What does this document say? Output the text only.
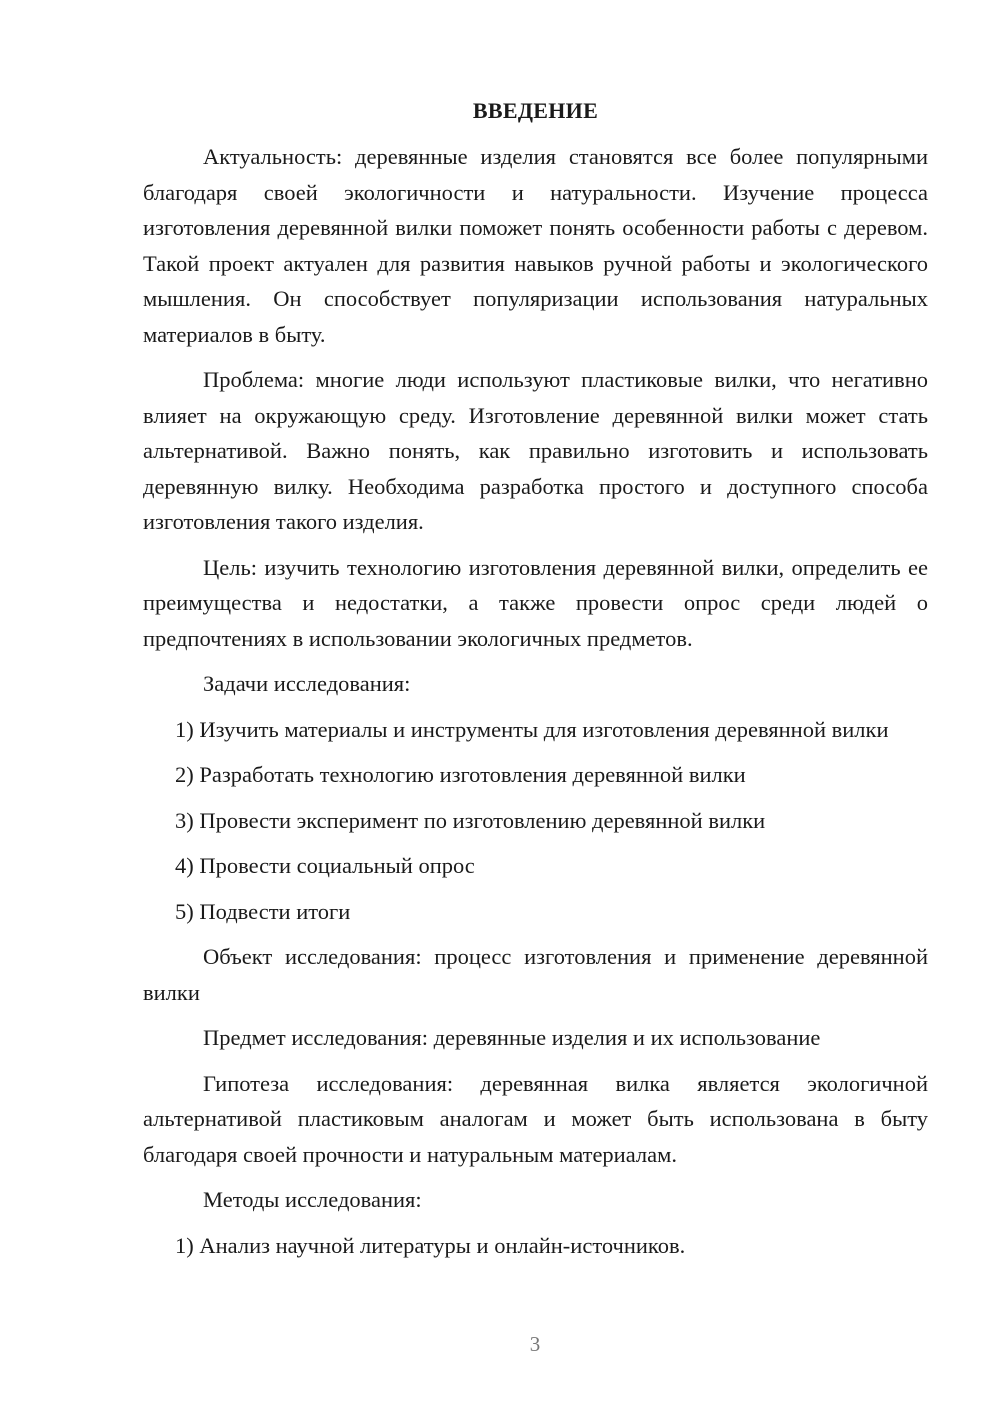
ВВЕДЕНИЕ

Актуальность: деревянные изделия становятся все более популярными благодаря своей экологичности и натуральности. Изучение процесса изготовления деревянной вилки поможет понять особенности работы с деревом. Такой проект актуален для развития навыков ручной работы и экологического мышления. Он способствует популяризации использования натуральных материалов в быту.

Проблема: многие люди используют пластиковые вилки, что негативно влияет на окружающую среду. Изготовление деревянной вилки может стать альтернативой. Важно понять, как правильно изготовить и использовать деревянную вилку. Необходима разработка простого и доступного способа изготовления такого изделия.

Цель: изучить технологию изготовления деревянной вилки, определить ее преимущества и недостатки, а также провести опрос среди людей о предпочтениях в использовании экологичных предметов.

Задачи исследования:

1) Изучить материалы и инструменты для изготовления деревянной вилки

2) Разработать технологию изготовления деревянной вилки

3) Провести эксперимент по изготовлению деревянной вилки

4) Провести социальный опрос

5) Подвести итоги

Объект исследования: процесс изготовления и применение деревянной вилки

Предмет исследования: деревянные изделия и их использование

Гипотеза исследования: деревянная вилка является экологичной альтернативой пластиковым аналогам и может быть использована в быту благодаря своей прочности и натуральным материалам.

Методы исследования:

1) Анализ научной литературы и онлайн-источников.

3
